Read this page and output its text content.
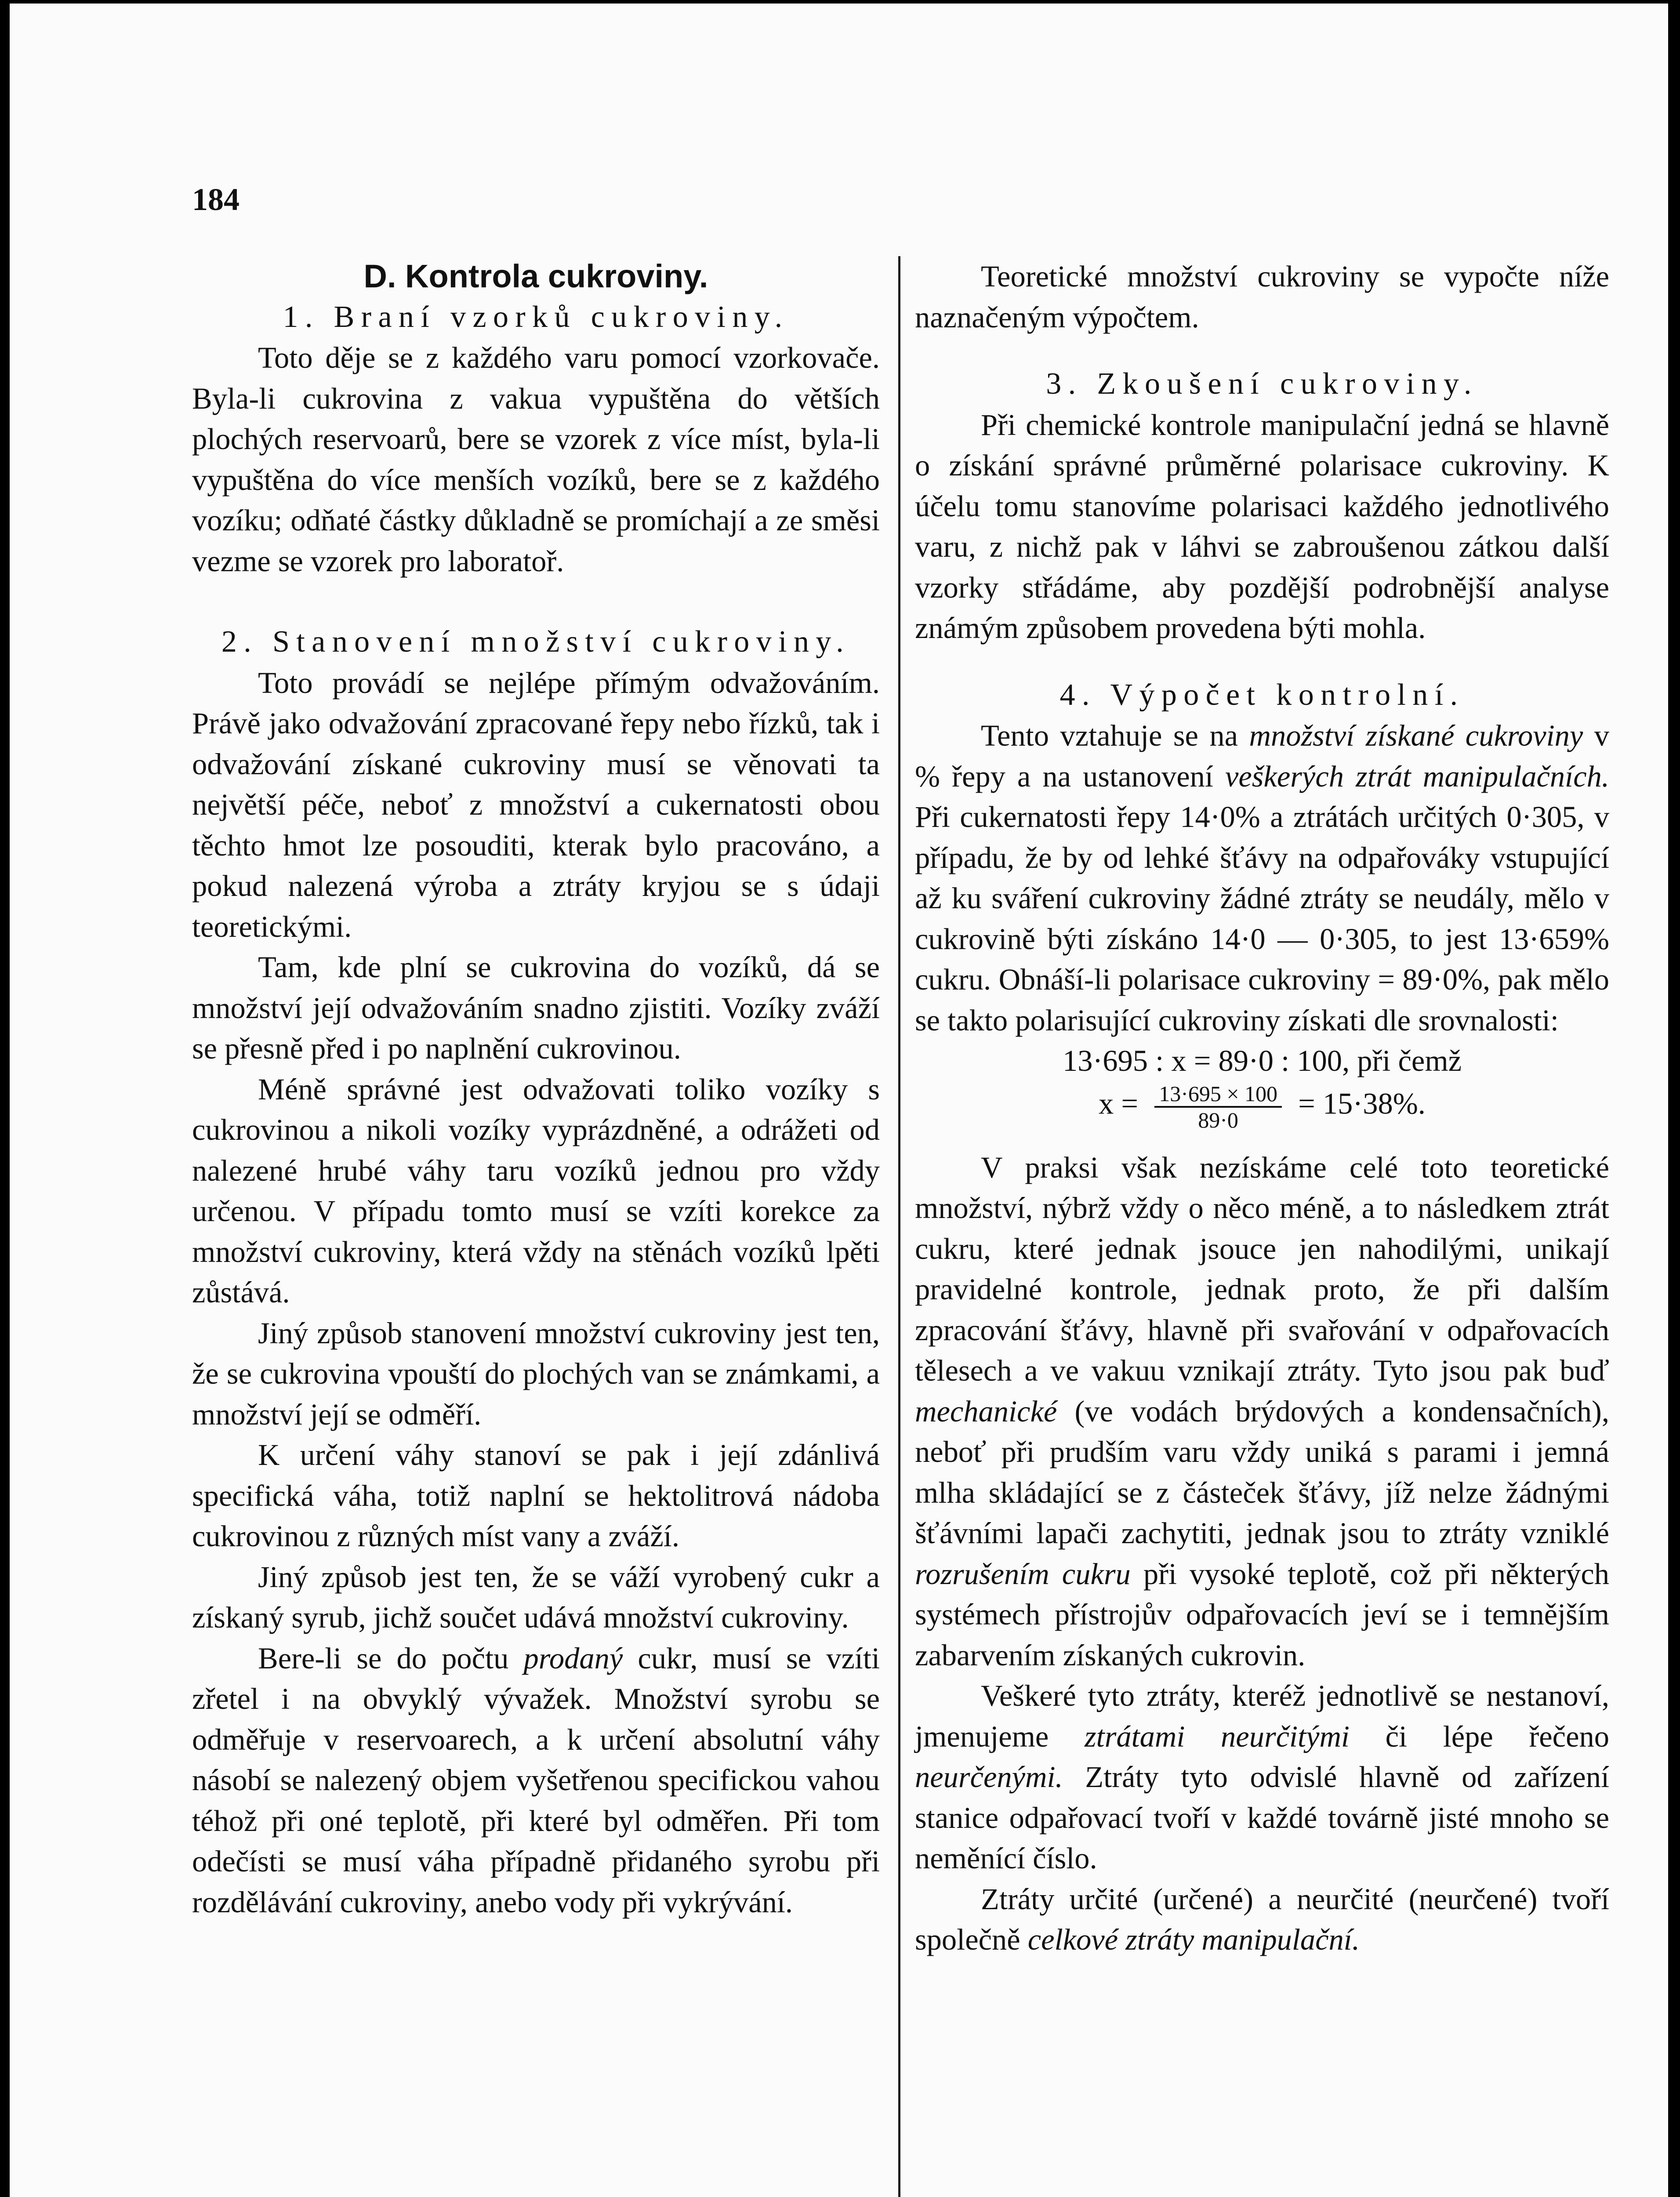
184

D. Kontrola cukroviny.

1. Braní vzorků cukroviny.

Toto děje se z každého varu pomocí vzorkovače. Byla-li cukrovina z vakua vypuštěna do větších plochých reservoarů, bere se vzorek z více míst, byla-li vypuštěna do více menších vozíků, bere se z každého vozíku; odňaté částky důkladně se promíchají a ze směsi vezme se vzorek pro laboratoř.

2. Stanovení množství cukroviny.

Toto provádí se nejlépe přímým odvažováním. Právě jako odvažování zpracované řepy nebo řízků, tak i odvažování získané cukroviny musí se věnovati ta největší péče, neboť z množství a cukernatosti obou těchto hmot lze posouditi, kterak bylo pracováno, a pokud nalezená výroba a ztráty kryjou se s údaji teoretickými.

Tam, kde plní se cukrovina do vozíků, dá se množství její odvažováním snadno zjistiti. Vozíky zváží se přesně před i po naplnění cukrovinou.

Méně správné jest odvažovati toliko vozíky s cukrovinou a nikoli vozíky vyprázdněné, a odrážeti od nalezené hrubé váhy taru vozíků jednou pro vždy určenou. V případu tomto musí se vzíti korekce za množství cukroviny, která vždy na stěnách vozíků lpěti zůstává.

Jiný způsob stanovení množství cukroviny jest ten, že se cukrovina vpouští do plochých van se známkami, a množství její se odměří.

K určení váhy stanoví se pak i její zdánlivá specifická váha, totiž naplní se hektolitrová nádoba cukrovinou z různých míst vany a zváží.

Jiný způsob jest ten, že se váží vyrobený cukr a získaný syrub, jichž součet udává množství cukroviny.

Bere-li se do počtu prodaný cukr, musí se vzíti zřetel i na obvyklý vývažek. Množství syrobu se odměřuje v reservoarech, a k určení absolutní váhy násobí se nalezený objem vyšetřenou specifickou vahou téhož při oné teplotě, při které byl odměřen. Při tom odečísti se musí váha případně přidaného syrobu při rozdělávání cukroviny, anebo vody při vykrývání.

Teoretické množství cukroviny se vypočte níže naznačeným výpočtem.

3. Zkoušení cukroviny.

Při chemické kontrole manipulační jedná se hlavně o získání správné průměrné polarisace cukroviny. K účelu tomu stanovíme polarisaci každého jednotlivého varu, z nichž pak v láhvi se zabroušenou zátkou další vzorky střádáme, aby pozdější podrobnější analyse známým způsobem provedena býti mohla.

4. Výpočet kontrolní.

Tento vztahuje se na množství získané cukroviny v % řepy a na ustanovení veškerých ztrát manipulačních. Při cukernatosti řepy 14·0% a ztrátách určitých 0·305, v případu, že by od lehké šťávy na odpařováky vstupující až ku sváření cukroviny žádné ztráty se neudály, mělo v cukrovině býti získáno 14·0 — 0·305, to jest 13·659% cukru. Obnáší-li polarisace cukroviny = 89·0%, pak mělo se takto polarisující cukroviny získati dle srovnalosti:

13·695 : x = 89·0 : 100, při čemž

$x = \frac{13\cdot 695 \times 100}{89\cdot 0} = 15\cdot 38\%$.

V praksi však nezískáme celé toto teoretické množství, nýbrž vždy o něco méně, a to následkem ztrát cukru, které jednak jsouce jen nahodilými, unikají pravidelné kontrole, jednak proto, že při dalším zpracování šťávy, hlavně při svařování v odpařovacích tělesech a ve vakuu vznikají ztráty. Tyto jsou pak buď mechanické (ve vodách brýdových a kondensačních), neboť při prudším varu vždy uniká s parami i jemná mlha skládající se z částeček šťávy, jíž nelze žádnými šťávními lapači zachytiti, jednak jsou to ztráty vzniklé rozrušením cukru při vysoké teplotě, což při některých systémech přístrojův odpařovacích jeví se i temnějším zabarvením získaných cukrovin.

Veškeré tyto ztráty, kteréž jednotlivě se nestanoví, jmenujeme ztrátami neurčitými či lépe řečeno neurčenými. Ztráty tyto odvislé hlavně od zařízení stanice odpařovací tvoří v každé továrně jisté mnoho se neměnící číslo.

Ztráty určité (určené) a neurčité (neurčené) tvoří společně celkové ztráty manipulační.
